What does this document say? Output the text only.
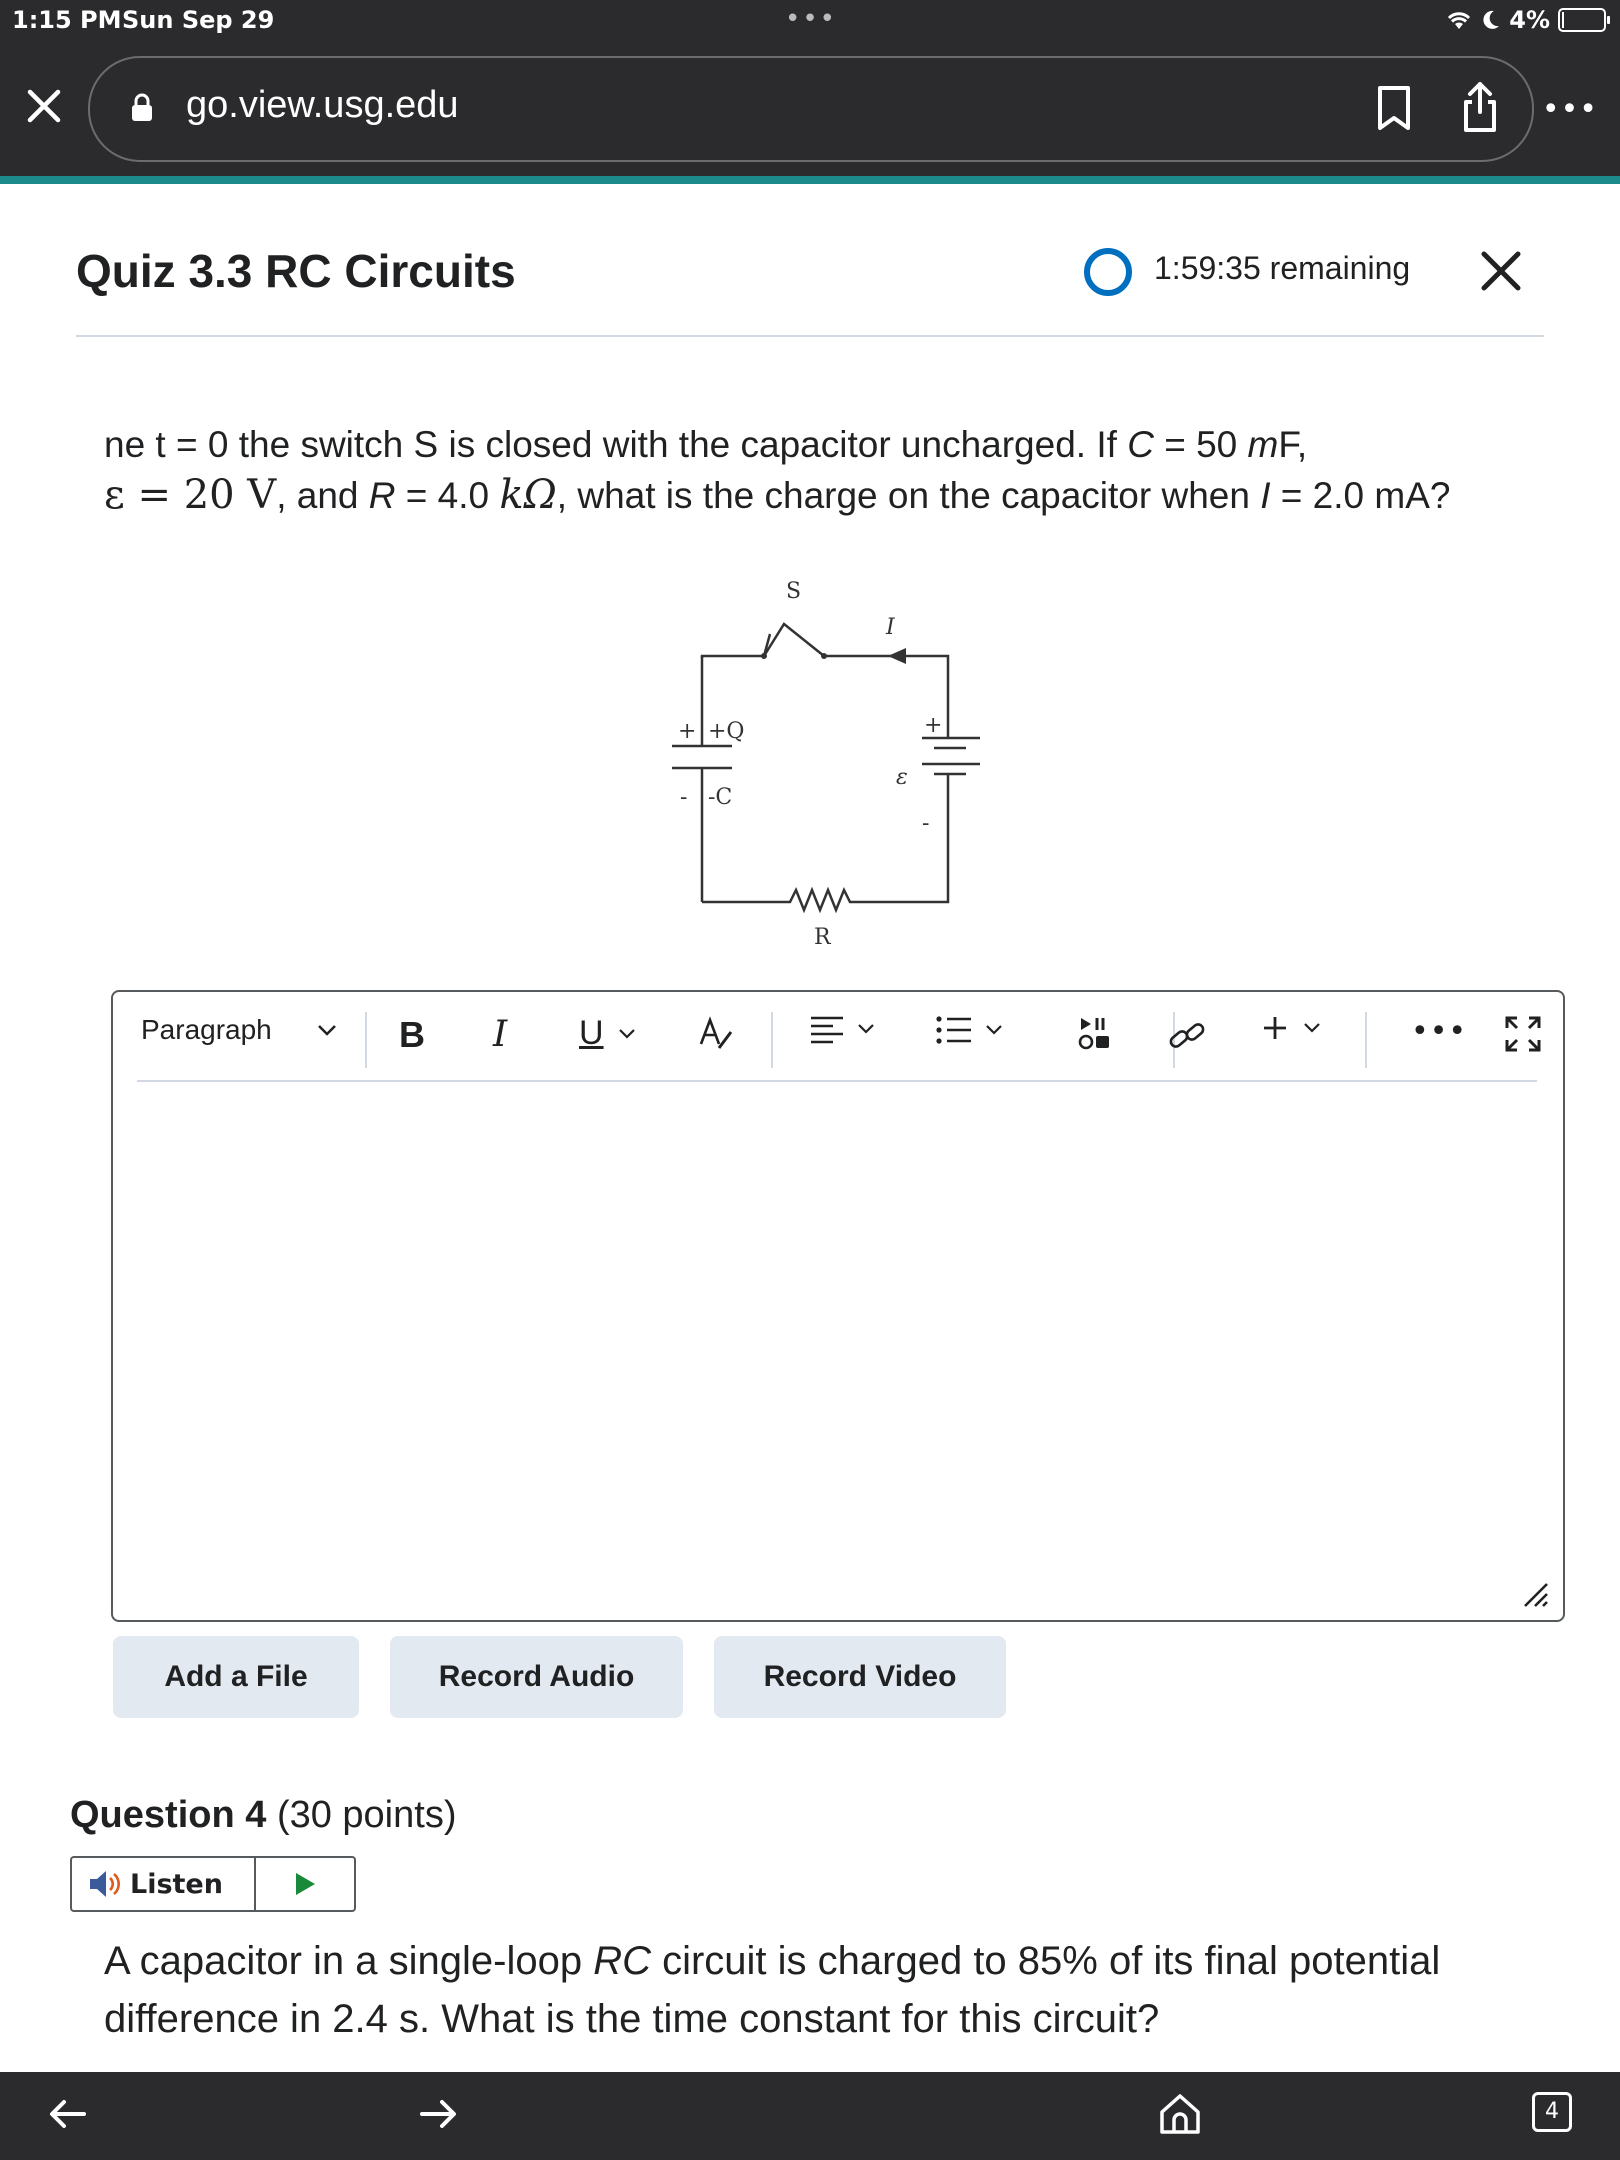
1:15 PM Sun Sep 29	•••	4%
go.view.usg.edu	•••
Quiz 3.3 RC Circuits	1:59:35 remaining
ne t = 0 the switch S is closed with the capacitor uncharged. If C = 50 mF,
ε = 20 V, and R = 4.0 kΩ, what is the charge on the capacitor when I = 2.0 mA?
S
I
+ +Q
- -C
ε
+
-
R
Paragraph	B I U	•••
Add a File	Record Audio	Record Video
Question 4 (30 points)
Listen
A capacitor in a single-loop RC circuit is charged to 85% of its final potential difference in 2.4 s. What is the time constant for this circuit?
4
